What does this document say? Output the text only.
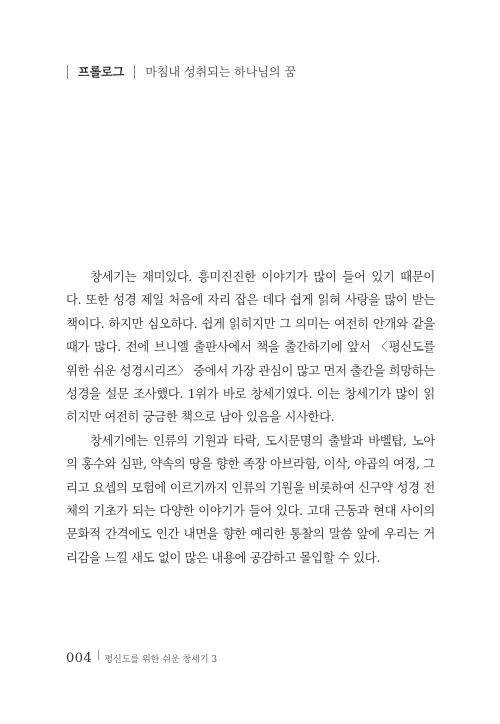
프롤로그 마침내 성취되는 하나님의 꿈

창세기는 재미있다. 흥미진진한 이야기가 많이 들어 있기 때문이다. 또한 성경 제일 처음에 자리 잡은 데다 쉽게 읽혀 사랑을 많이 받는 책이다. 하지만 심오하다. 쉽게 읽히지만 그 의미는 여전히 안개와 같을 때가 많다. 전에 브니엘 출판사에서 책을 출간하기에 앞서 〈평신도를 위한 쉬운 성경시리즈〉 중에서 가장 관심이 많고 먼저 출간을 희망하는 성경을 설문 조사했다. 1위가 바로 창세기였다. 이는 창세기가 많이 읽히지만 여전히 궁금한 책으로 남아 있음을 시사한다.

창세기에는 인류의 기원과 타락, 도시문명의 출발과 바벨탑, 노아의 홍수와 심판, 약속의 땅을 향한 족장 아브라함, 이삭, 야곱의 여정, 그리고 요셉의 모험에 이르기까지 인류의 기원을 비롯하여 신구약 성경 전체의 기초가 되는 다양한 이야기가 들어 있다. 고대 근동과 현대 사이의 문화적 간격에도 인간 내면을 향한 예리한 통찰의 말씀 앞에 우리는 거리감을 느낄 새도 없이 많은 내용에 공감하고 몰입할 수 있다.

004 평신도를 위한 쉬운 창세기 3
